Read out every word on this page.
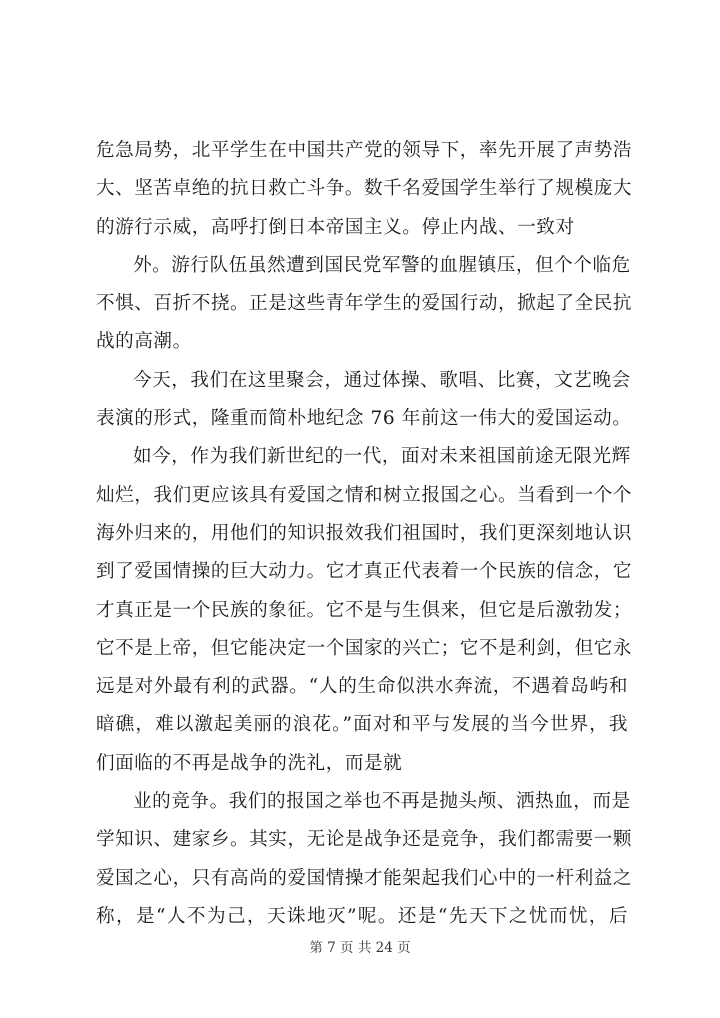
危急局势，北平学生在中国共产党的领导下，率先开展了声势浩
大、坚苦卓绝的抗日救亡斗争。数千名爱国学生举行了规模庞大
的游行示威，高呼打倒日本帝国主义。停止内战、一致对
外。游行队伍虽然遭到国民党军警的血腥镇压，但个个临危
不惧、百折不挠。正是这些青年学生的爱国行动，掀起了全民抗
战的高潮。
今天，我们在这里聚会，通过体操、歌唱、比赛，文艺晚会
表演的形式，隆重而简朴地纪念 76 年前这一伟大的爱国运动。
如今，作为我们新世纪的一代，面对未来祖国前途无限光辉
灿烂，我们更应该具有爱国之情和树立报国之心。当看到一个个
海外归来的，用他们的知识报效我们祖国时，我们更深刻地认识
到了爱国情操的巨大动力。它才真正代表着一个民族的信念，它
才真正是一个民族的象征。它不是与生俱来，但它是后激勃发；
它不是上帝，但它能决定一个国家的兴亡；它不是利剑，但它永
远是对外最有利的武器。“人的生命似洪水奔流，不遇着岛屿和
暗礁，难以激起美丽的浪花。”面对和平与发展的当今世界，我
们面临的不再是战争的洗礼，而是就
业的竞争。我们的报国之举也不再是抛头颅、洒热血，而是
学知识、建家乡。其实，无论是战争还是竞争，我们都需要一颗
爱国之心，只有高尚的爱国情操才能架起我们心中的一杆利益之
称，是“人不为己，天诛地灭”呢。还是“先天下之忧而忧，后
第 7 页 共 24 页
